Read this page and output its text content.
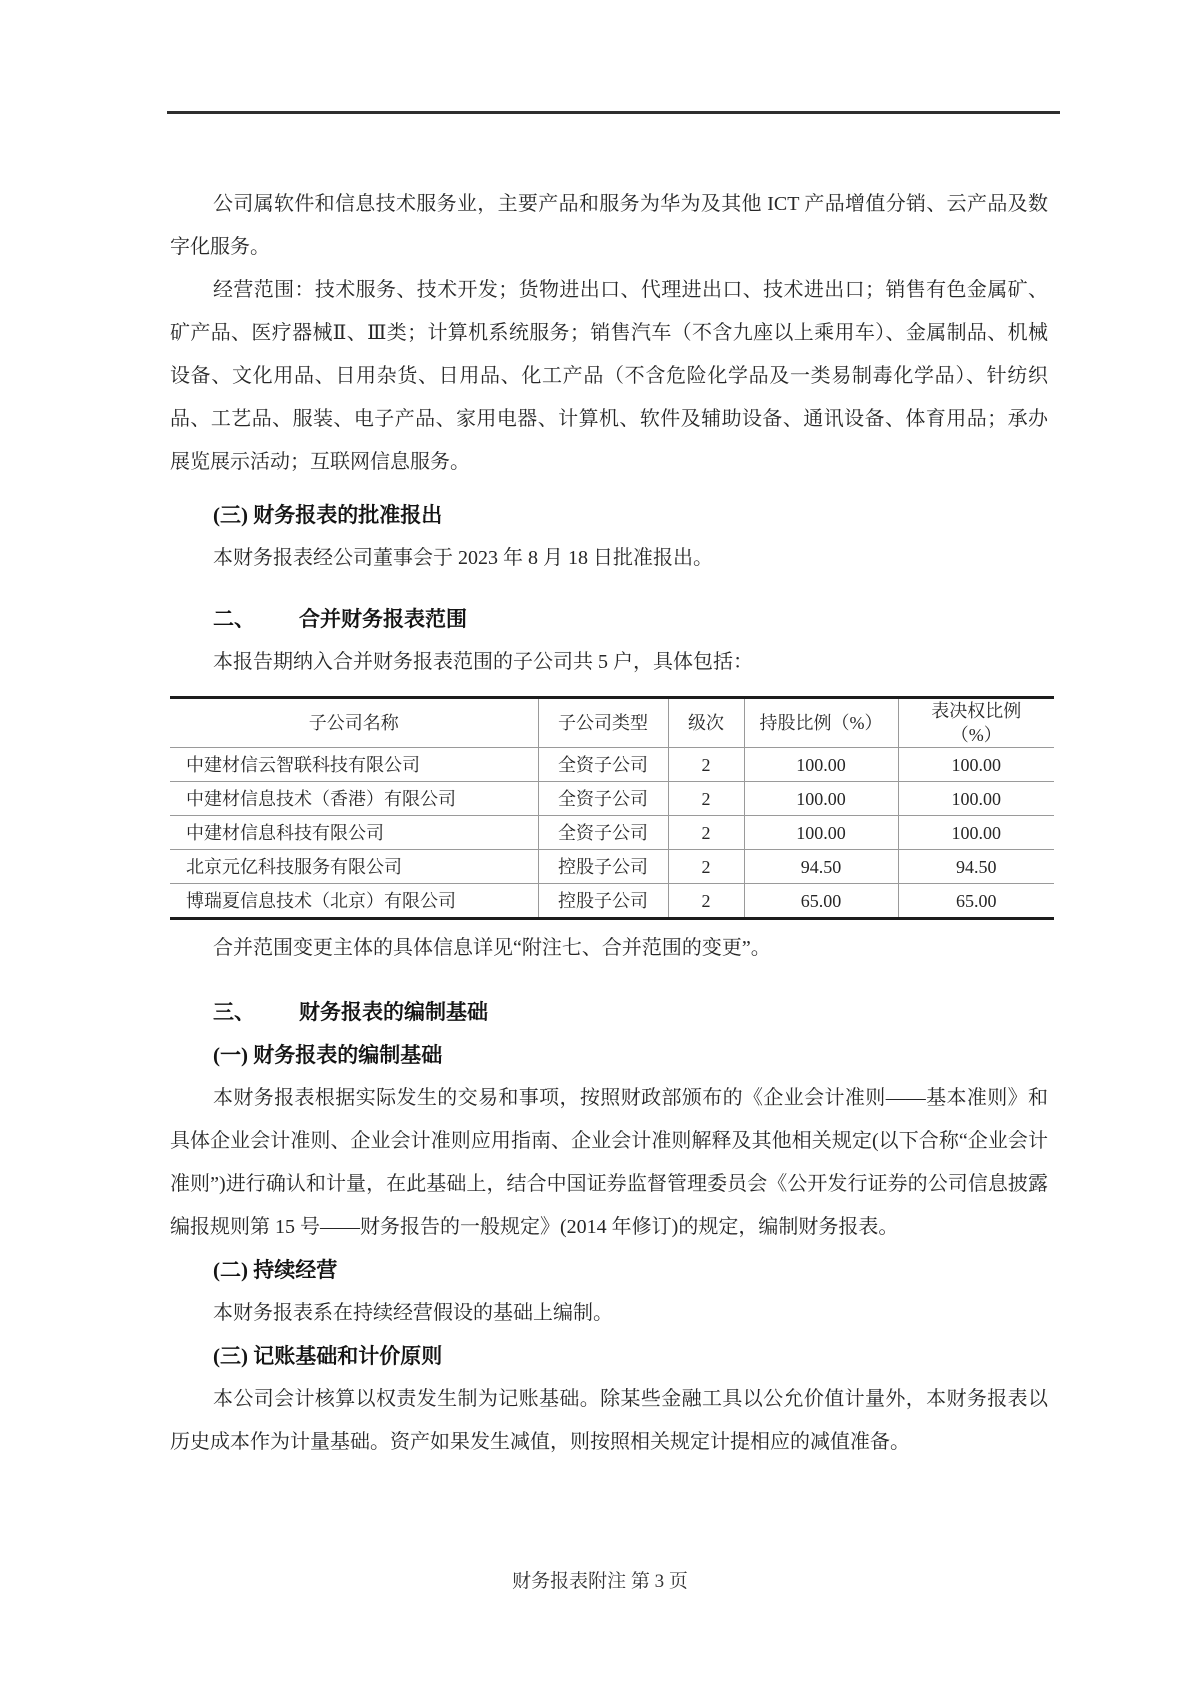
公司属软件和信息技术服务业，主要产品和服务为华为及其他 ICT 产品增值分销、云产品及数字化服务。

经营范围：技术服务、技术开发；货物进出口、代理进出口、技术进出口；销售有色金属矿、矿产品、医疗器械Ⅱ、Ⅲ类；计算机系统服务；销售汽车（不含九座以上乘用车）、金属制品、机械设备、文化用品、日用杂货、日用品、化工产品（不含危险化学品及一类易制毒化学品）、针纺织品、工艺品、服装、电子产品、家用电器、计算机、软件及辅助设备、通讯设备、体育用品；承办展览展示活动；互联网信息服务。

(三) 财务报表的批准报出

本财务报表经公司董事会于 2023 年 8 月 18 日批准报出。

二、 合并财务报表范围

本报告期纳入合并财务报表范围的子公司共 5 户，具体包括：

子公司名称	子公司类型	级次	持股比例（%）	表决权比例
（%）
中建材信云智联科技有限公司	全资子公司	2	100.00	100.00
中建材信息技术（香港）有限公司	全资子公司	2	100.00	100.00
中建材信息科技有限公司	全资子公司	2	100.00	100.00
北京元亿科技服务有限公司	控股子公司	2	94.50	94.50
博瑞夏信息技术（北京）有限公司	控股子公司	2	65.00	65.00

合并范围变更主体的具体信息详见“附注七、合并范围的变更”。

三、 财务报表的编制基础
(一) 财务报表的编制基础

本财务报表根据实际发生的交易和事项，按照财政部颁布的《企业会计准则——基本准则》和具体企业会计准则、企业会计准则应用指南、企业会计准则解释及其他相关规定(以下合称“企业会计准则”)进行确认和计量，在此基础上，结合中国证券监督管理委员会《公开发行证券的公司信息披露编报规则第 15 号——财务报告的一般规定》(2014 年修订)的规定，编制财务报表。

(二) 持续经营

本财务报表系在持续经营假设的基础上编制。

(三) 记账基础和计价原则

本公司会计核算以权责发生制为记账基础。除某些金融工具以公允价值计量外，本财务报表以历史成本作为计量基础。资产如果发生减值，则按照相关规定计提相应的减值准备。

财务报表附注 第 3 页
